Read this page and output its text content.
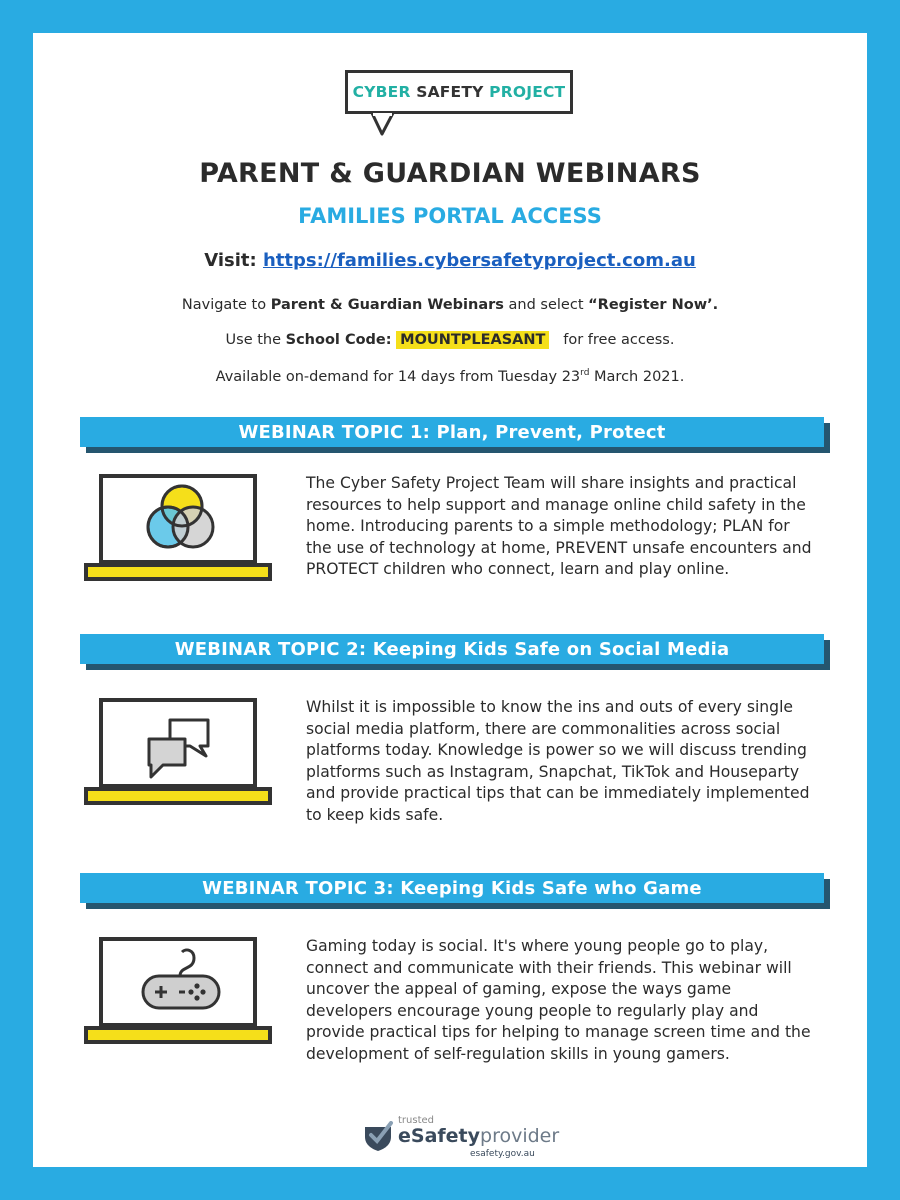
CYBER
SAFETY
PROJECT
PARENT & GUARDIAN WEBINARS
FAMILIES PORTAL ACCESS
Visit: https://families.cybersafetyproject.com.au
Navigate to Parent & Guardian Webinars and select “Register Now’.
Use the School Code: MOUNTPLEASANT for free access.
Available on-demand for 14 days from Tuesday 23rd March 2021.
WEBINAR TOPIC 1: Plan, Prevent, Protect
The Cyber Safety Project Team will share insights and practical resources to help support and manage online child safety in the home. Introducing parents to a simple methodology; PLAN for the use of technology at home, PREVENT unsafe encounters and PROTECT children who connect, learn and play online.
WEBINAR TOPIC 2: Keeping Kids Safe on Social Media
Whilst it is impossible to know the ins and outs of every single social media platform, there are commonalities across social platforms today. Knowledge is power so we will discuss trending platforms such as Instagram, Snapchat, TikTok and Houseparty and provide practical tips that can be immediately implemented to keep kids safe.
WEBINAR TOPIC 3: Keeping Kids Safe who Game
Gaming today is social. It's where young people go to play, connect and communicate with their friends. This webinar will uncover the appeal of gaming, expose the ways game developers encourage young people to regularly play and provide practical tips for helping to manage screen time and the development of self-regulation skills in young gamers.
trusted
eSafetyprovider
esafety.gov.au
